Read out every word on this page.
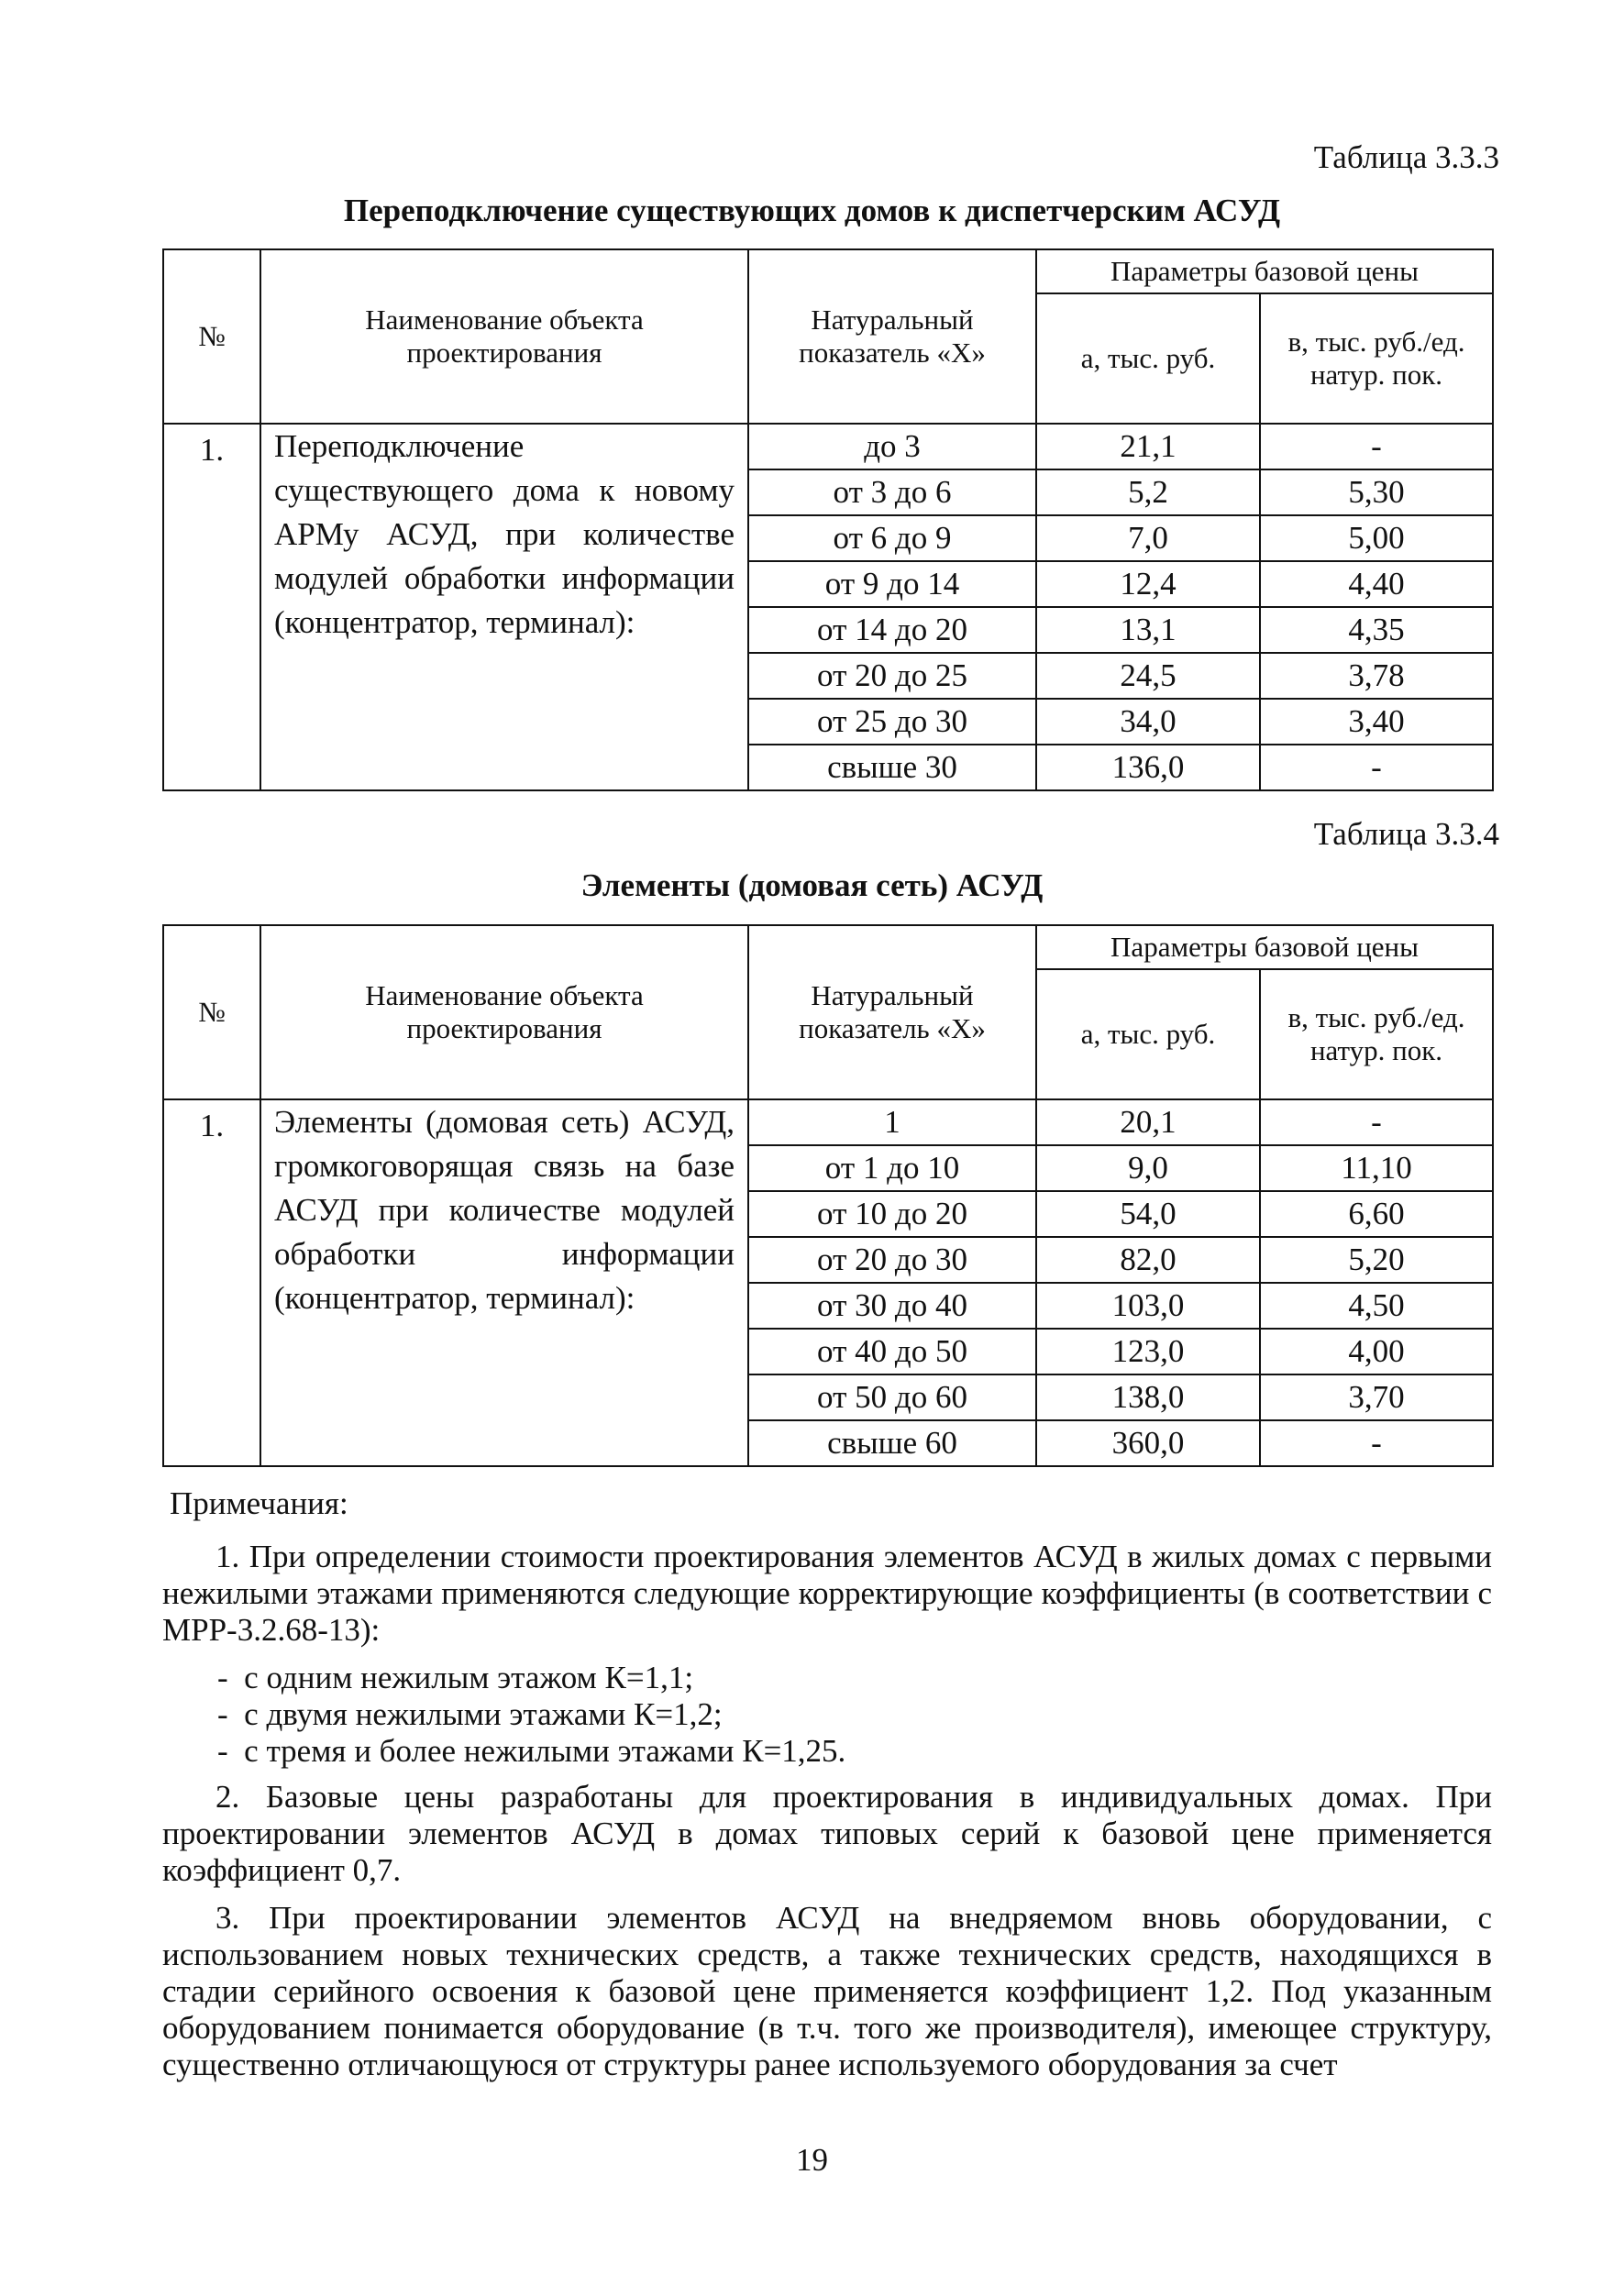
Таблица 3.3.3
Переподключение существующих домов к диспетчерским АСУД
№	Наименование объекта проектирования	Натуральный показатель «Х»	Параметры базовой цены	
			а, тыс. руб.	в, тыс. руб./ед. натур. пок.
1.	Переподключение существующего дома к новому АРМу АСУД, при количестве модулей обработки информации (концентратор, терминал):	до 3	21,1	-
		от 3 до 6	5,2	5,30
		от 6 до 9	7,0	5,00
		от 9 до 14	12,4	4,40
		от 14 до 20	13,1	4,35
		от 20 до 25	24,5	3,78
		от 25 до 30	34,0	3,40
		свыше 30	136,0	-
Таблица 3.3.4
Элементы (домовая сеть) АСУД
№	Наименование объекта проектирования	Натуральный показатель «Х»	Параметры базовой цены	
			а, тыс. руб.	в, тыс. руб./ед. натур. пок.
1.	Элементы (домовая сеть) АСУД, громкоговорящая связь на базе АСУД при количестве модулей обработки информации (концентратор, терминал):	1	20,1	-
		от 1 до 10	9,0	11,10
		от 10 до 20	54,0	6,60
		от 20 до 30	82,0	5,20
		от 30 до 40	103,0	4,50
		от 40 до 50	123,0	4,00
		от 50 до 60	138,0	3,70
		свыше 60	360,0	-
Примечания:
1. При определении стоимости проектирования элементов АСУД в жилых домах с первыми нежилыми этажами применяются следующие корректирующие коэффициенты (в соответствии с МРР-3.2.68-13):
-  с одним нежилым этажом К=1,1;
-  с двумя нежилыми этажами К=1,2;
-  с тремя и более нежилыми этажами К=1,25.
2. Базовые цены разработаны для проектирования в индивидуальных домах. При проектировании элементов АСУД в домах типовых серий к базовой цене применяется коэффициент 0,7.
3. При проектировании элементов АСУД на внедряемом вновь оборудовании, с использованием новых технических средств, а также технических средств, находящихся в стадии серийного освоения к базовой цене применяется коэффициент 1,2. Под указанным оборудованием понимается оборудование (в т.ч. того же производителя), имеющее структуру, существенно отличающуюся от структуры ранее используемого оборудования за счет
19
